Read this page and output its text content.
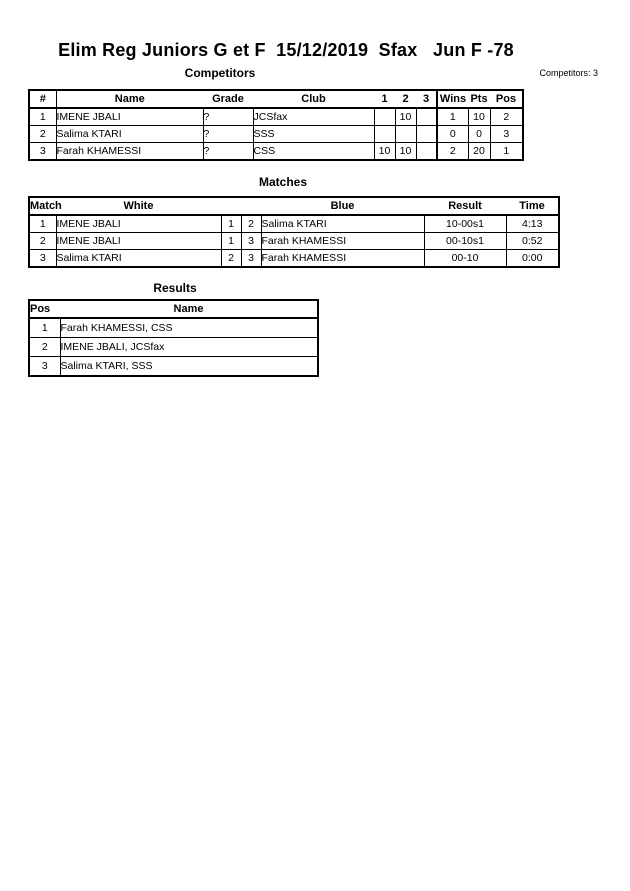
Elim Reg Juniors G et F  15/12/2019  Sfax   Jun F -78
Competitors	Competitors: 3
#	Name	Grade	Club	1	2	3	Wins	Pts	Pos
1	IMENE JBALI	?	JCSfax		10		1	10	2
2	Salima KTARI	?	SSS				0	0	3
3	Farah KHAMESSI	?	CSS	10	10		2	20	1
Matches
Match	White			Blue	Result	Time
1	IMENE JBALI	1	2	Salima KTARI	10-00s1	4:13
2	IMENE JBALI	1	3	Farah KHAMESSI	00-10s1	0:52
3	Salima KTARI	2	3	Farah KHAMESSI	00-10	0:00
Results
Pos	Name
1	Farah KHAMESSI, CSS
2	IMENE JBALI, JCSfax
3	Salima KTARI, SSS
